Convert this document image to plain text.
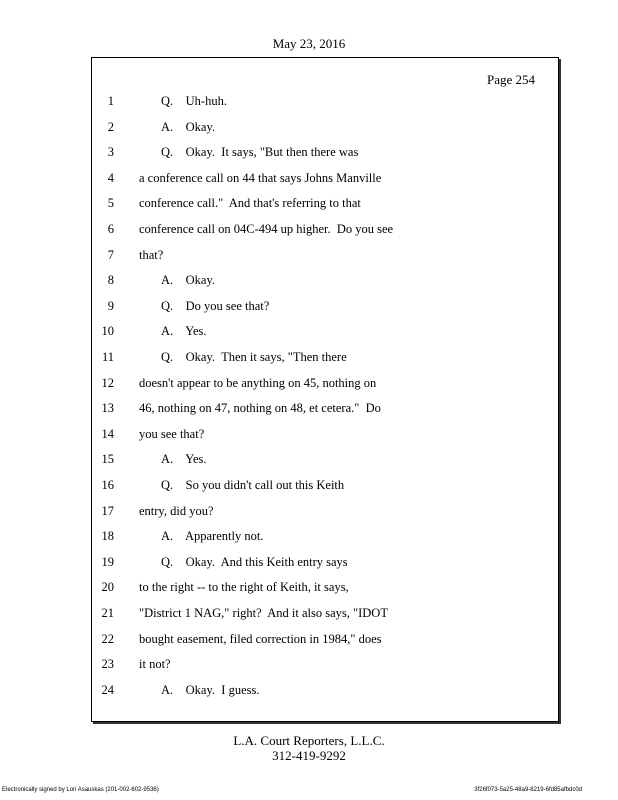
May 23, 2016
Page 254
1	Q.    Uh-huh.
2	A.    Okay.
3	Q.    Okay.  It says, "But then there was
4 a conference call on 44 that says Johns Manville
5 conference call."  And that's referring to that
6 conference call on 04C-494 up higher.  Do you see
7 that?
8	A.    Okay.
9	Q.    Do you see that?
10	A.    Yes.
11	Q.    Okay.  Then it says, "Then there
12 doesn't appear to be anything on 45, nothing on
13 46, nothing on 47, nothing on 48, et cetera."  Do
14 you see that?
15	A.    Yes.
16	Q.    So you didn't call out this Keith
17 entry, did you?
18	A.    Apparently not.
19	Q.    Okay.  And this Keith entry says
20 to the right -- to the right of Keith, it says,
21 "District 1 NAG," right?  And it also says, "IDOT
22 bought easement, filed correction in 1984," does
23 it not?
24	A.    Okay.  I guess.
L.A. Court Reporters, L.L.C.
312-419-9292
Electronically signed by Lori Asauskas (201-002-602-9536)	3f26f073-5a25-48a9-8219-6fd85afbdc0d
